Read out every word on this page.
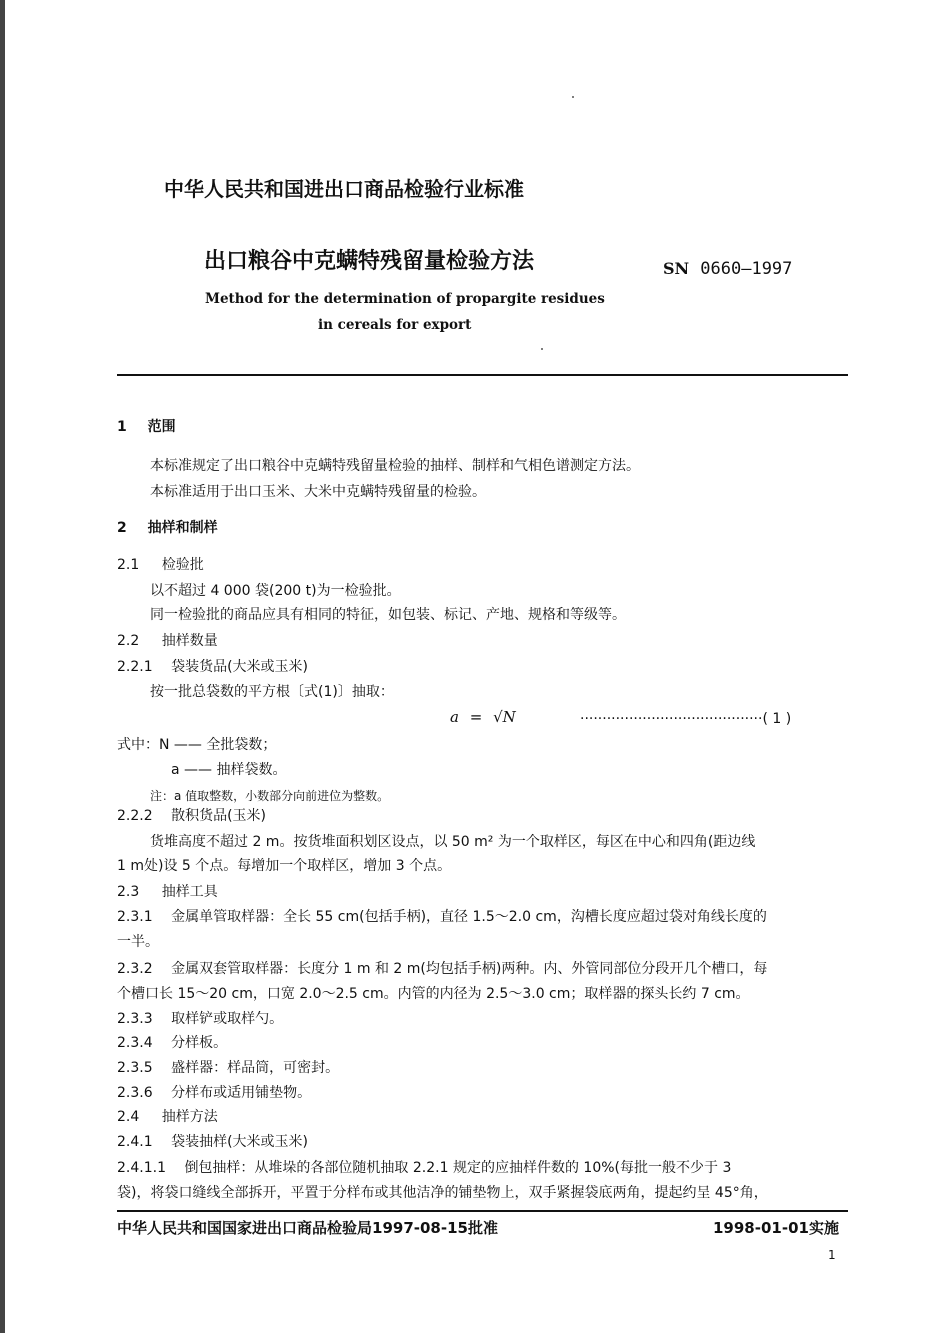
中华人民共和国进出口商品检验行业标准
出口粮谷中克螨特残留量检验方法	SN 0660—1997
Method for the determination of propargite residues
in cereals for export
1 范围
本标准规定了出口粮谷中克螨特残留量检验的抽样、制样和气相色谱测定方法。
本标准适用于出口玉米、大米中克螨特残留量的检验。
2 抽样和制样
2.1 检验批
以不超过 4 000 袋(200 t)为一检验批。
同一检验批的商品应具有相同的特征，如包装、标记、产地、规格和等级等。
2.2 抽样数量
2.2.1 袋装货品(大米或玉米)
按一批总袋数的平方根〔式(1)〕抽取：
a = √N	·········································( 1 )
式中：N —— 全批袋数；
a —— 抽样袋数。
注：a 值取整数，小数部分向前进位为整数。
2.2.2 散积货品(玉米)
货堆高度不超过 2 m。按货堆面积划区设点，以 50 m² 为一个取样区，每区在中心和四角(距边线
1 m处)设 5 个点。每增加一个取样区，增加 3 个点。
2.3 抽样工具
2.3.1 金属单管取样器：全长 55 cm(包括手柄)，直径 1.5～2.0 cm，沟槽长度应超过袋对角线长度的
一半。
2.3.2 金属双套管取样器：长度分 1 m 和 2 m(均包括手柄)两种。内、外管同部位分段开几个槽口，每
个槽口长 15～20 cm，口宽 2.0～2.5 cm。内管的内径为 2.5～3.0 cm；取样器的探头长约 7 cm。
2.3.3 取样铲或取样勺。
2.3.4 分样板。
2.3.5 盛样器：样品筒，可密封。
2.3.6 分样布或适用铺垫物。
2.4 抽样方法
2.4.1 袋装抽样(大米或玉米)
2.4.1.1 倒包抽样：从堆垛的各部位随机抽取 2.2.1 规定的应抽样件数的 10%(每批一般不少于 3
袋)，将袋口缝线全部拆开，平置于分样布或其他洁净的铺垫物上，双手紧握袋底两角，提起约呈 45°角，
中华人民共和国国家进出口商品检验局1997-08-15批准	1998-01-01实施
1
